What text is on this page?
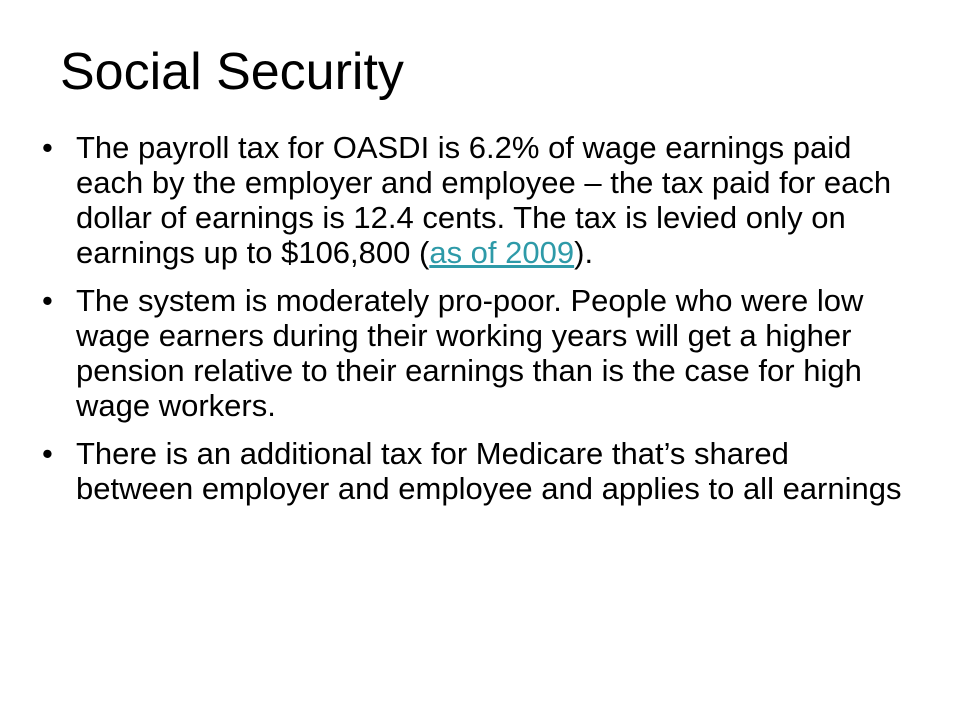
Social Security
• The payroll tax for OASDI is 6.2% of wage earnings paid each by the employer and employee – the tax paid for each dollar of earnings is 12.4 cents. The tax is levied only on earnings up to $106,800 (as of 2009).
• The system is moderately pro-poor. People who were low wage earners during their working years will get a higher pension relative to their earnings than is the case for high wage workers.
• There is an additional tax for Medicare that’s shared between employer and employee and applies to all earnings
